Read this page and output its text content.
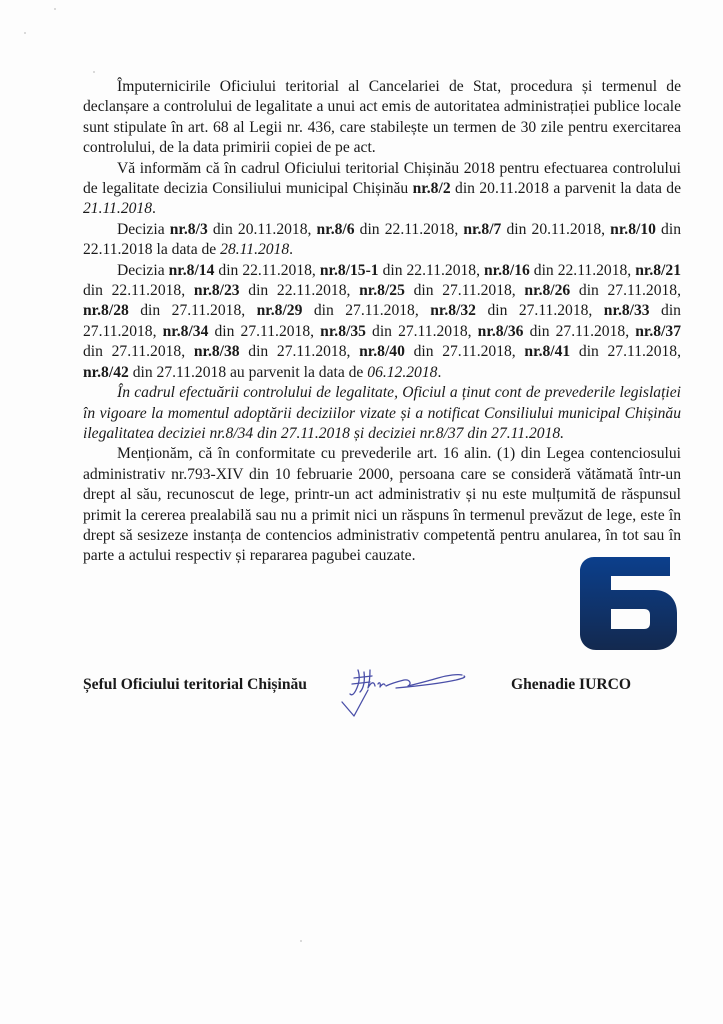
Împuternicirile Oficiului teritorial al Cancelariei de Stat, procedura și termenul de declanșare a controlului de legalitate a unui act emis de autoritatea administrației publice locale sunt stipulate în art. 68 al Legii nr. 436, care stabilește un termen de 30 zile pentru exercitarea controlului, de la data primirii copiei de pe act.

Vă informăm că în cadrul Oficiului teritorial Chișinău 2018 pentru efectuarea controlului de legalitate decizia Consiliului municipal Chișinău nr.8/2 din 20.11.2018 a parvenit la data de 21.11.2018.

Decizia nr.8/3 din 20.11.2018, nr.8/6 din 22.11.2018, nr.8/7 din 20.11.2018, nr.8/10 din 22.11.2018 la data de 28.11.2018.

Decizia nr.8/14 din 22.11.2018, nr.8/15-1 din 22.11.2018, nr.8/16 din 22.11.2018, nr.8/21 din 22.11.2018, nr.8/23 din 22.11.2018, nr.8/25 din 27.11.2018, nr.8/26 din 27.11.2018, nr.8/28 din 27.11.2018, nr.8/29 din 27.11.2018, nr.8/32 din 27.11.2018, nr.8/33 din 27.11.2018, nr.8/34 din 27.11.2018, nr.8/35 din 27.11.2018, nr.8/36 din 27.11.2018, nr.8/37 din 27.11.2018, nr.8/38 din 27.11.2018, nr.8/40 din 27.11.2018, nr.8/41 din 27.11.2018, nr.8/42 din 27.11.2018 au parvenit la data de 06.12.2018.

În cadrul efectuării controlului de legalitate, Oficiul a ținut cont de prevederile legislației în vigoare la momentul adoptării deciziilor vizate și a notificat Consiliului municipal Chișinău ilegalitatea deciziei nr.8/34 din 27.11.2018 și deciziei nr.8/37 din 27.11.2018.

Menționăm, că în conformitate cu prevederile art. 16 alin. (1) din Legea contenciosului administrativ nr.793-XIV din 10 februarie 2000, persoana care se consideră vătămată într-un drept al său, recunoscut de lege, printr-un act administrativ și nu este mulțumită de răspunsul primit la cererea prealabilă sau nu a primit nici un răspuns în termenul prevăzut de lege, este în drept să sesizeze instanța de contencios administrativ competentă pentru anularea, în tot sau în parte a actului respectiv și repararea pagubei cauzate.

Șeful Oficiului teritorial Chișinău	Ghenadie IURCO
